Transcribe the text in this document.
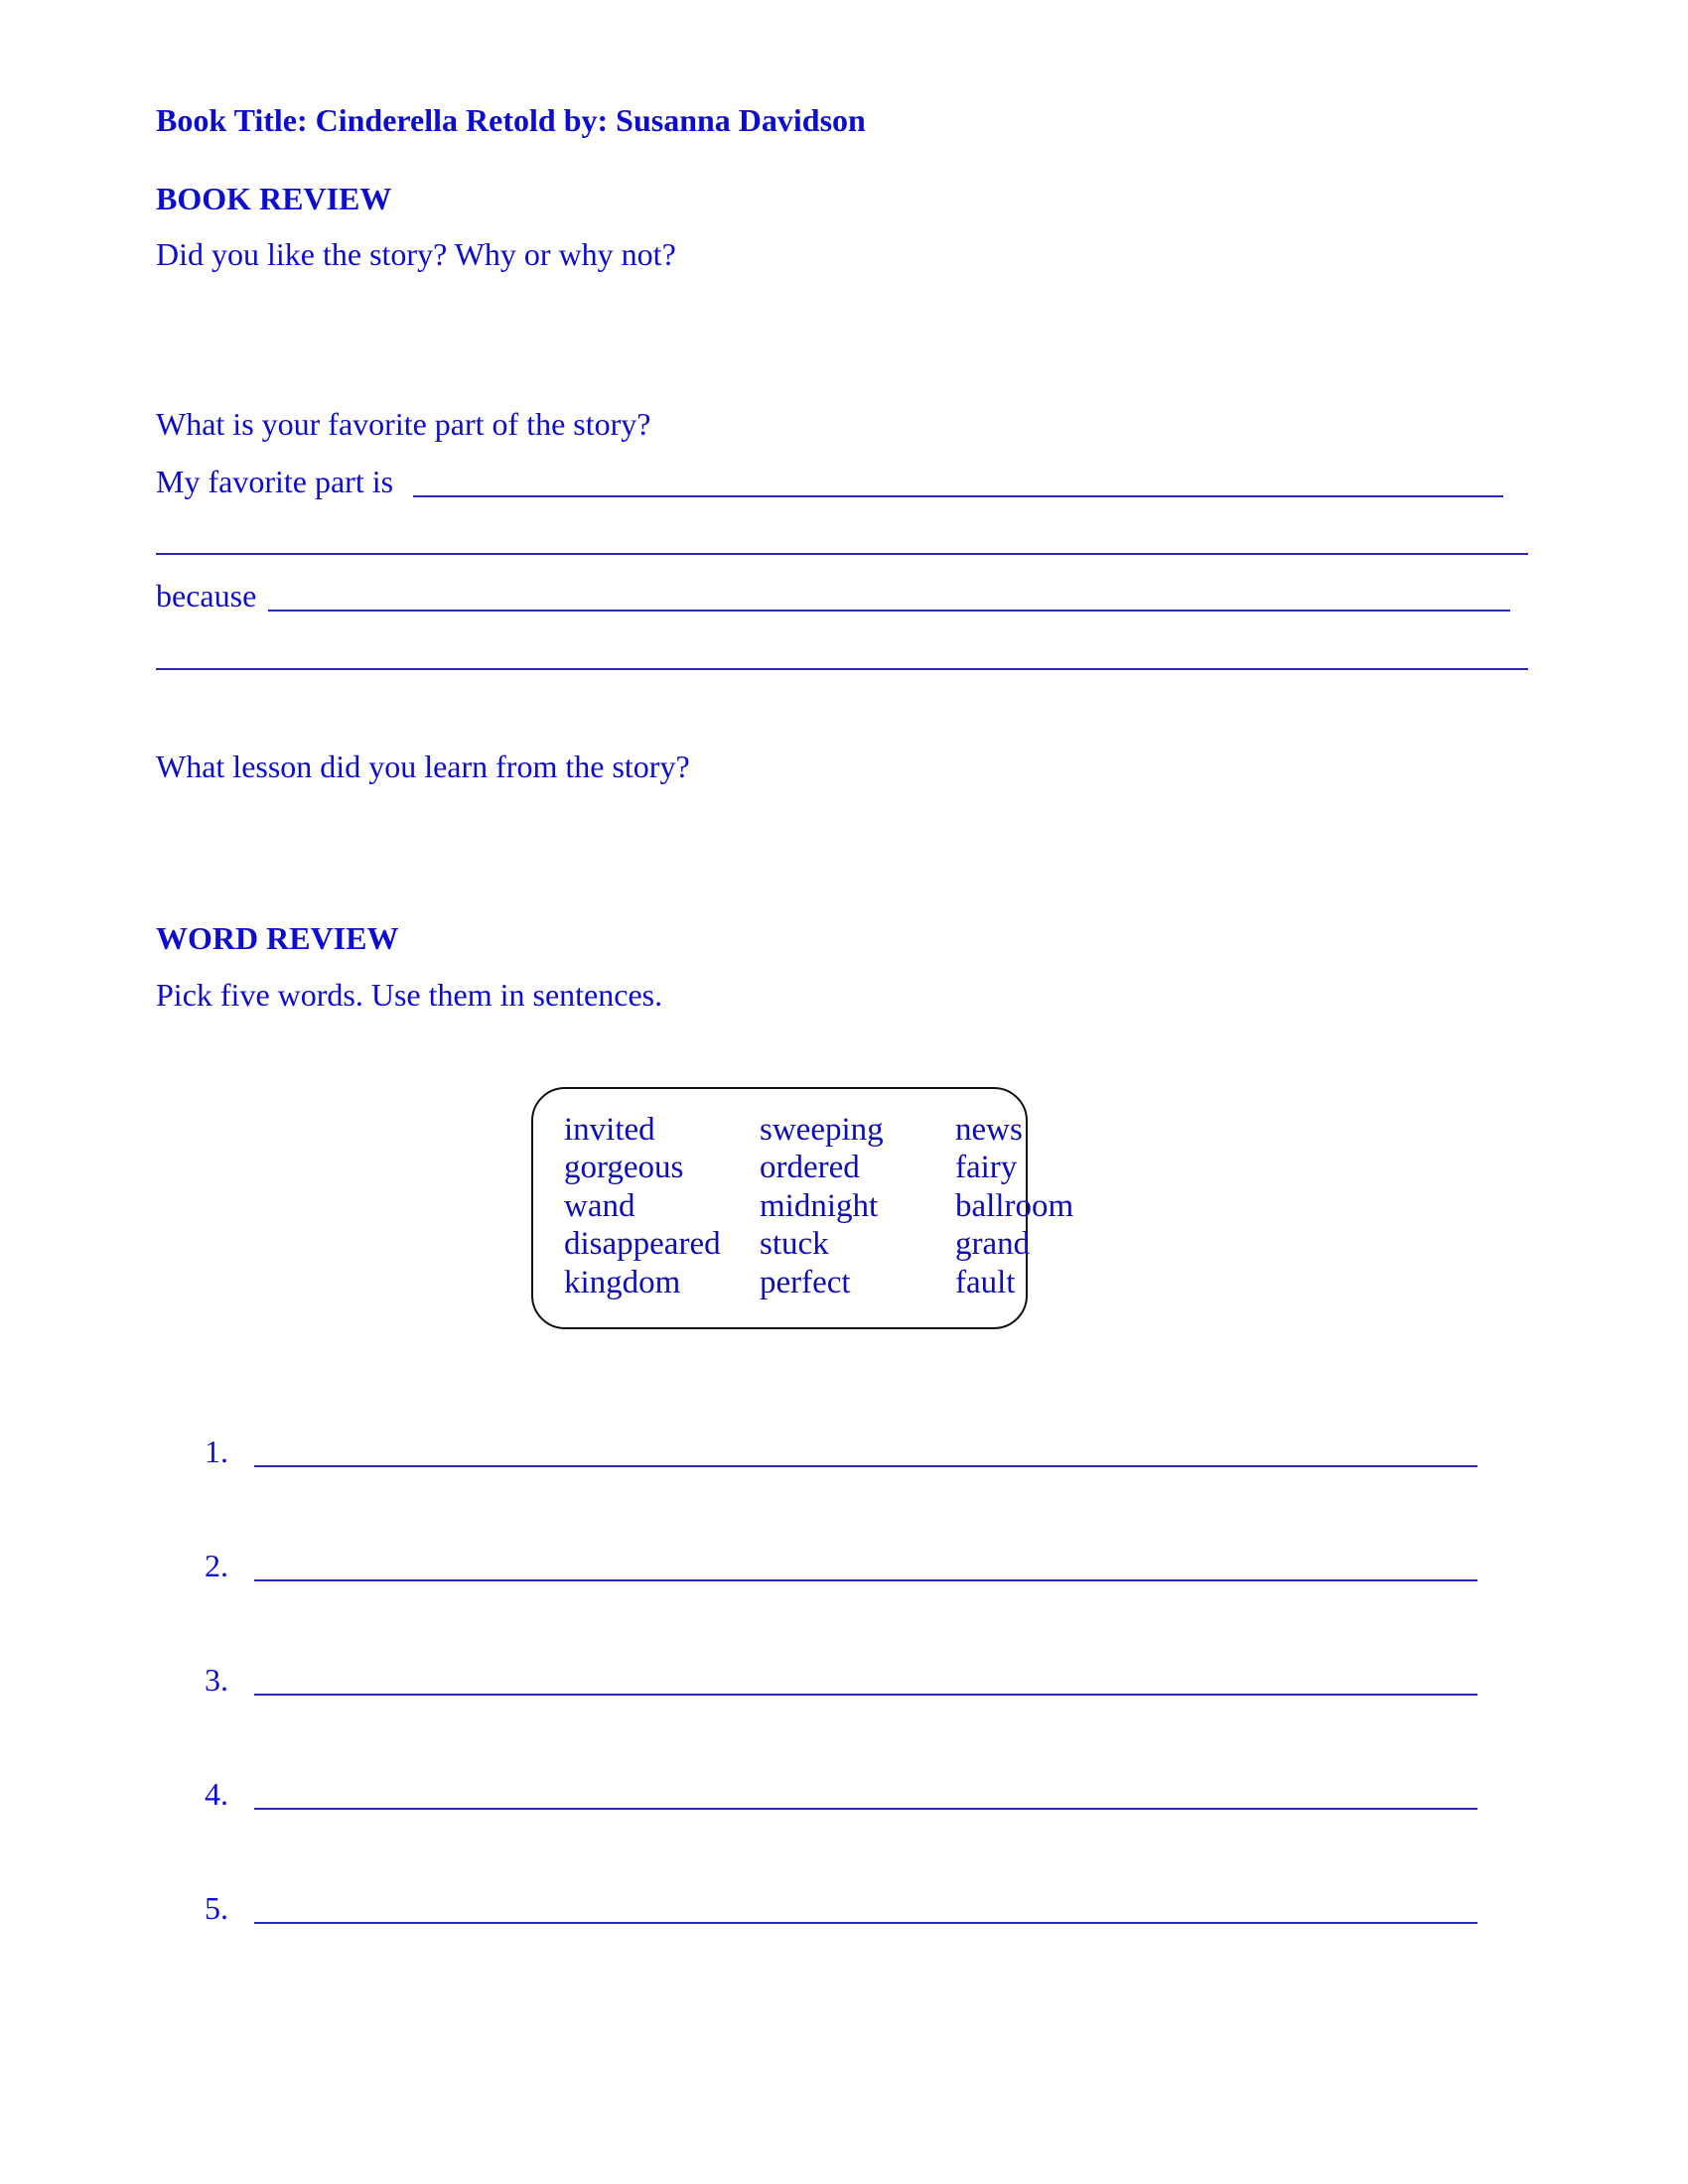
Book Title: Cinderella Retold by: Susanna Davidson
BOOK REVIEW
Did you like the story? Why or why not?
What is your favorite part of the story?
My favorite part is
because
What lesson did you learn from the story?
WORD REVIEW
Pick five words. Use them in sentences.
invited
gorgeous
wand
disappeared
kingdom
sweeping
ordered
midnight
stuck
perfect
news
fairy
ballroom
grand
fault
1.
2.
3.
4.
5.
